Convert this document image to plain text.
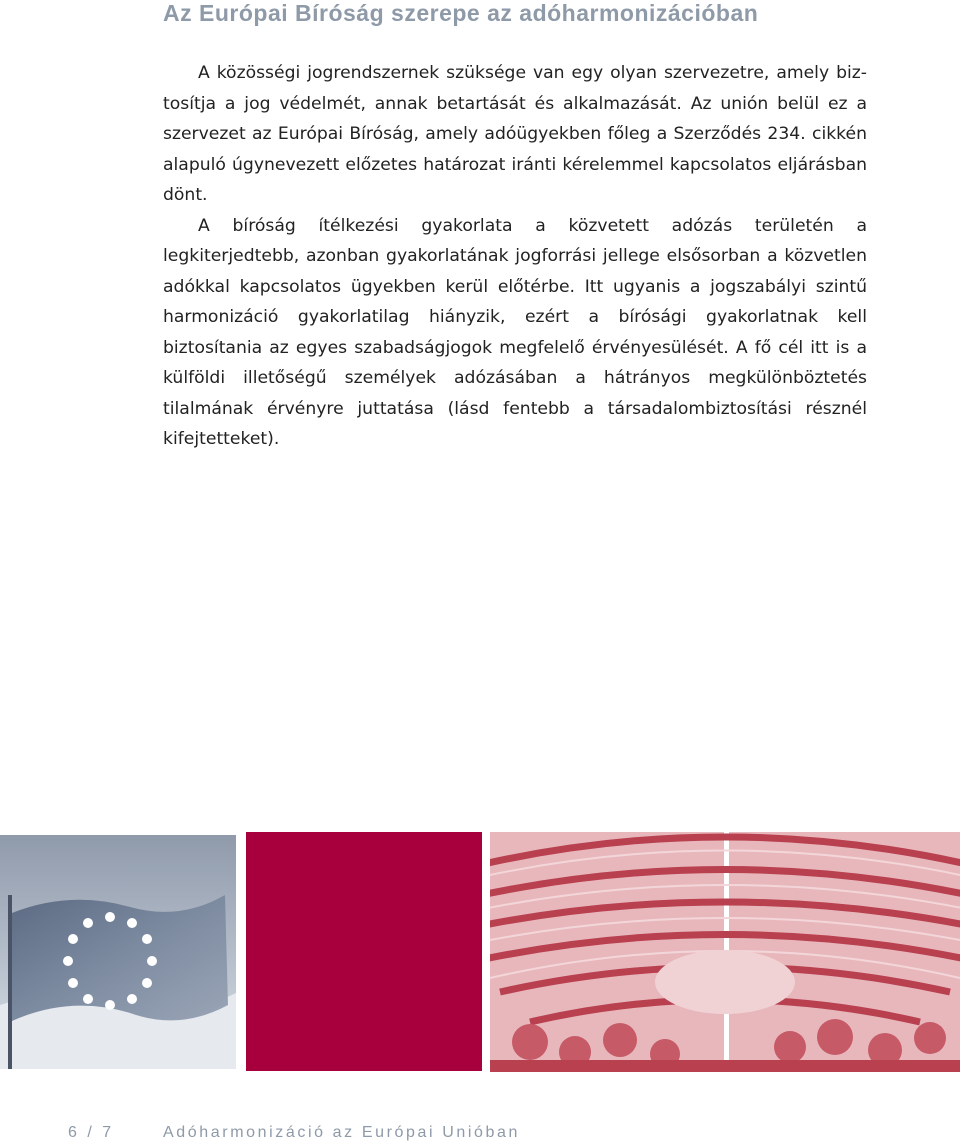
Az Európai Bíróság szerepe az adóharmonizációban

A közösségi jogrendszernek szüksége van egy olyan szervezetre, amely biztosítja a jog védelmét, annak betartását és alkalmazását. Az unión belül ez a szervezet az Európai Bíróság, amely adóügyekben főleg a Szerződés 234. cikkén alapuló úgynevezett előzetes határozat iránti kérelemmel kapcsolatos eljárásban dönt.

A bíróság ítélkezési gyakorlata a közvetett adózás területén a legkiterjedtebb, azonban gyakorlatának jogforrási jellege elsősorban a közvetlen adókkal kapcsolatos ügyekben kerül előtérbe. Itt ugyanis a jogszabályi szintű harmonizáció gyakorlatilag hiányzik, ezért a bírósági gyakorlatnak kell biztosítania az egyes szabadságjogok megfelelő érvényesülését. A fő cél itt is a külföldi illetőségű személyek adózásában a hátrányos megkülönböztetés tilalmának érvényre juttatása (lásd fentebb a társadalombiztosítási résznél kifejtetteket).

6 / 7	Adóharmonizáció az Európai Unióban
